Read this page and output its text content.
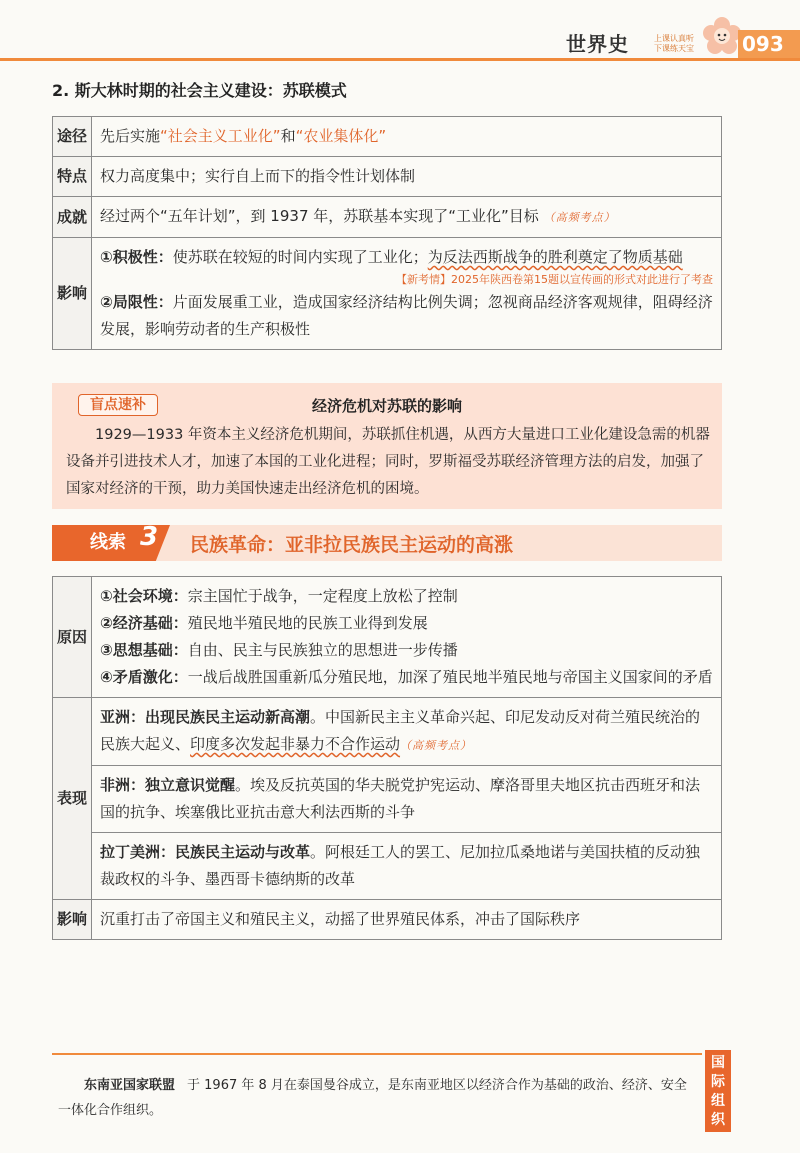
世界史	上课认真听
下课练天宝	093
2. 斯大林时期的社会主义建设：苏联模式
途径	先后实施“社会主义工业化”和“农业集体化”
特点	权力高度集中；实行自上而下的指令性计划体制
成就	经过两个“五年计划”，到 1937 年，苏联基本实现了“工业化”目标 （高频考点）
影响	①积极性：使苏联在较短的时间内实现了工业化；为反法西斯战争的胜利奠定了物质基础
【新考情】2025年陕西卷第15题以宣传画的形式对此进行了考查
②局限性：片面发展重工业，造成国家经济结构比例失调；忽视商品经济客观规律，阻碍经济发展，影响劳动者的生产积极性
经济危机对苏联的影响
盲点速补
1929—1933 年资本主义经济危机期间，苏联抓住机遇，从西方大量进口工业化建设急需的机器设备并引进技术人才，加速了本国的工业化进程；同时，罗斯福受苏联经济管理方法的启发，加强了国家对经济的干预，助力美国快速走出经济危机的困境。
线索 3 民族革命：亚非拉民族民主运动的高涨
原因	①社会环境：宗主国忙于战争，一定程度上放松了控制
②经济基础：殖民地半殖民地的民族工业得到发展
③思想基础：自由、民主与民族独立的思想进一步传播
④矛盾激化：一战后战胜国重新瓜分殖民地，加深了殖民地半殖民地与帝国主义国家间的矛盾

表现	亚洲：出现民族民主运动新高潮。中国新民主主义革命兴起、印尼发动反对荷兰殖民统治的民族大起义、印度多次发起非暴力不合作运动（高频考点）
	非洲：独立意识觉醒。埃及反抗英国的华夫脱党护宪运动、摩洛哥里夫地区抗击西班牙和法国的抗争、埃塞俄比亚抗击意大利法西斯的斗争
	拉丁美洲：民族民主运动与改革。阿根廷工人的罢工、尼加拉瓜桑地诺与美国扶植的反动独裁政权的斗争、墨西哥卡德纳斯的改革
影响	沉重打击了帝国主义和殖民主义，动摇了世界殖民体系，冲击了国际秩序
东南亚国家联盟 于 1967 年 8 月在泰国曼谷成立，是东南亚地区以经济合作为基础的政治、经济、安全一体化合作组织。
国际组织
